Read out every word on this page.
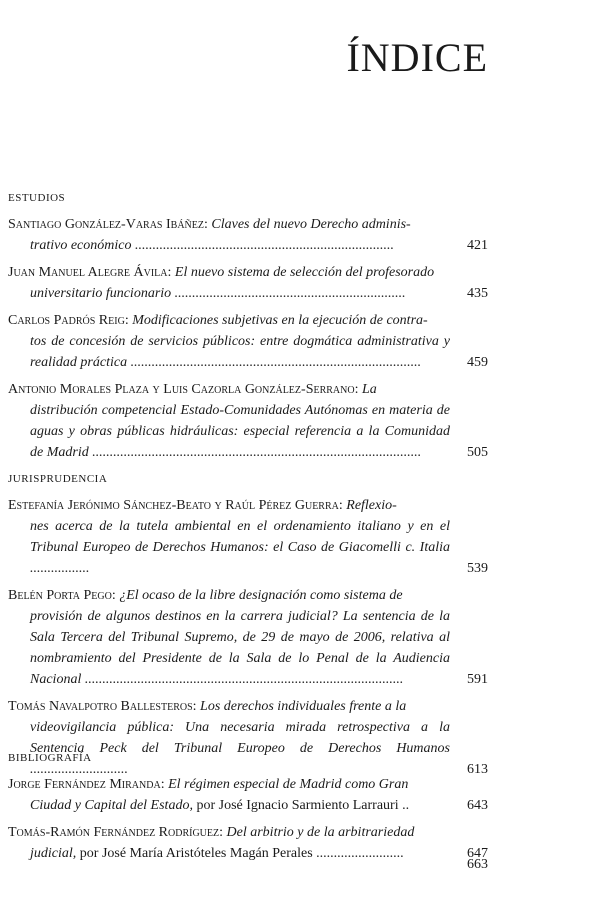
ÍNDICE
ESTUDIOS
Santiago González-Varas Ibáñez: Claves del nuevo Derecho adminis-
trativo económico ..........................................................................	421
Juan Manuel Alegre Ávila: El nuevo sistema de selección del profesorado
universitario funcionario ..................................................................	435
Carlos Padrós Reig: Modificaciones subjetivas en la ejecución de contra-
tos de concesión de servicios públicos: entre dogmática administrativa y realidad práctica ...................................................................................	459
Antonio Morales Plaza y Luis Cazorla González-Serrano: La
distribución competencial Estado-Comunidades Autónomas en materia de aguas y obras públicas hidráulicas: especial referencia a la Comunidad de Madrid ..............................................................................................	505
JURISPRUDENCIA
Estefanía Jerónimo Sánchez-Beato y Raúl Pérez Guerra: Reflexio-
nes acerca de la tutela ambiental en el ordenamiento italiano y en el Tribunal Europeo de Derechos Humanos: el Caso de Giacomelli c. Italia .................	539
Belén Porta Pego: ¿El ocaso de la libre designación como sistema de
provisión de algunos destinos en la carrera judicial? La sentencia de la Sala Tercera del Tribunal Supremo, de 29 de mayo de 2006, relativa al nombramiento del Presidente de la Sala de lo Penal de la Audiencia Nacional ...........................................................................................	591
Tomás Navalpotro Ballesteros: Los derechos individuales frente a la
videovigilancia pública: Una necesaria mirada retrospectiva a la Sentencia Peck del Tribunal Europeo de Derechos Humanos ............................	613
BIBLIOGRAFÍA
Jorge Fernández Miranda: El régimen especial de Madrid como Gran
Ciudad y Capital del Estado, por José Ignacio Sarmiento Larrauri ..	643
Tomás-Ramón Fernández Rodríguez: Del arbitrio y de la arbitrariedad
judicial, por José María Aristóteles Magán Perales .........................	647
663
